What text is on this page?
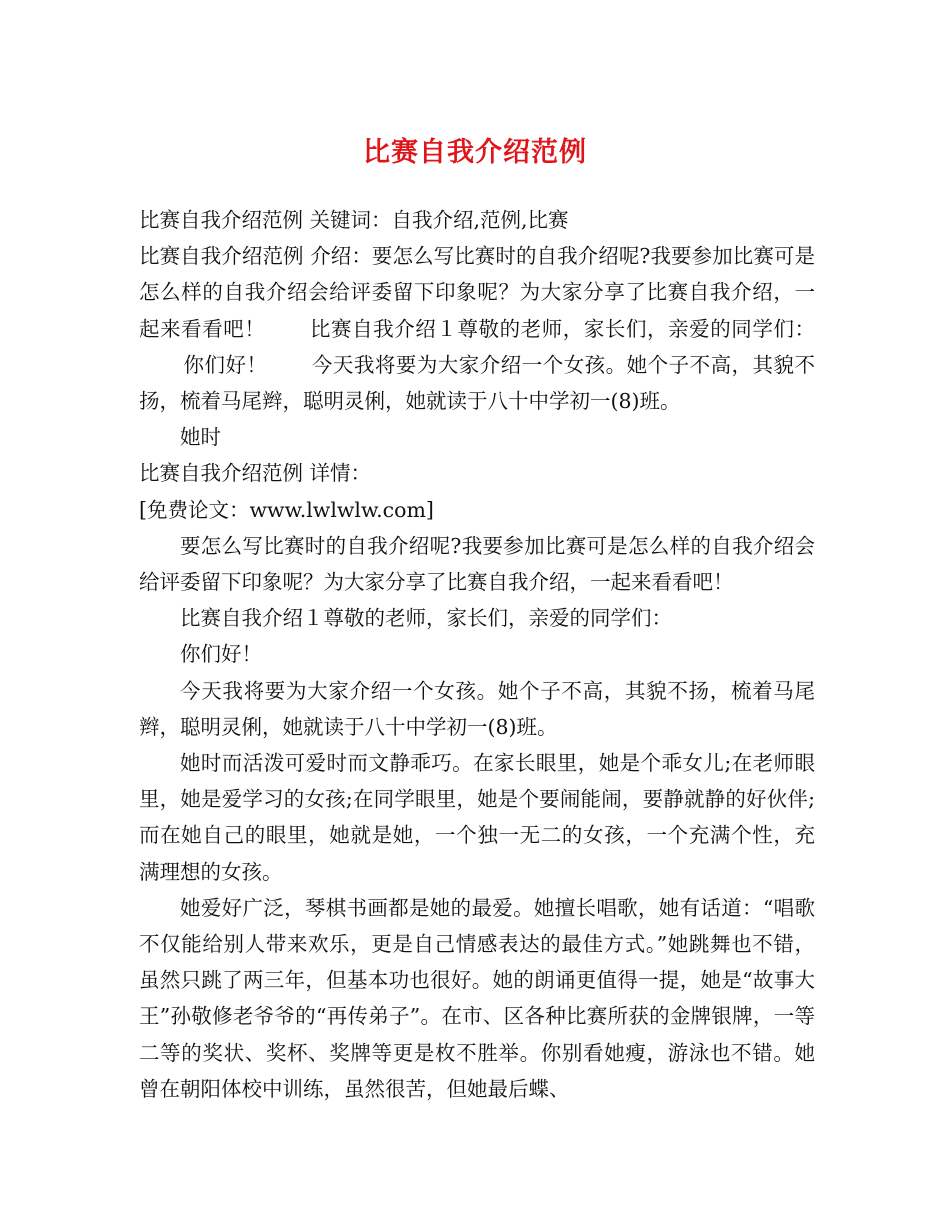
比赛自我介绍范例

比赛自我介绍范例 关键词：自我介绍,范例,比赛

比赛自我介绍范例 介绍：要怎么写比赛时的自我介绍呢?我要参加比赛可是怎么样的自我介绍会给评委留下印象呢？为大家分享了比赛自我介绍，一起来看看吧！ 比赛自我介绍１尊敬的老师，家长们，亲爱的同学们：你们好！ 今天我将要为大家介绍一个女孩。她个子不高，其貌不扬，梳着马尾辫，聪明灵俐，她就读于八十中学初一(8)班。

她时

比赛自我介绍范例 详情：

[免费论文：www.lwlwlw.com]

要怎么写比赛时的自我介绍呢?我要参加比赛可是怎么样的自我介绍会给评委留下印象呢？为大家分享了比赛自我介绍，一起来看看吧！

比赛自我介绍１尊敬的老师，家长们，亲爱的同学们：

你们好！

今天我将要为大家介绍一个女孩。她个子不高，其貌不扬，梳着马尾辫，聪明灵俐，她就读于八十中学初一(8)班。

她时而活泼可爱时而文静乖巧。在家长眼里，她是个乖女儿;在老师眼里，她是爱学习的女孩;在同学眼里，她是个要闹能闹，要静就静的好伙伴;而在她自己的眼里，她就是她，一个独一无二的女孩，一个充满个性，充满理想的女孩。

她爱好广泛，琴棋书画都是她的最爱。她擅长唱歌，她有话道：“唱歌不仅能给别人带来欢乐，更是自己情感表达的最佳方式。”她跳舞也不错，虽然只跳了两三年，但基本功也很好。她的朗诵更值得一提，她是“故事大王”孙敬修老爷爷的“再传弟子”。在市、区各种比赛所获的金牌银牌，一等二等的奖状、奖杯、奖牌等更是枚不胜举。你别看她瘦，游泳也不错。她曾在朝阳体校中训练，虽然很苦，但她最后蝶、
